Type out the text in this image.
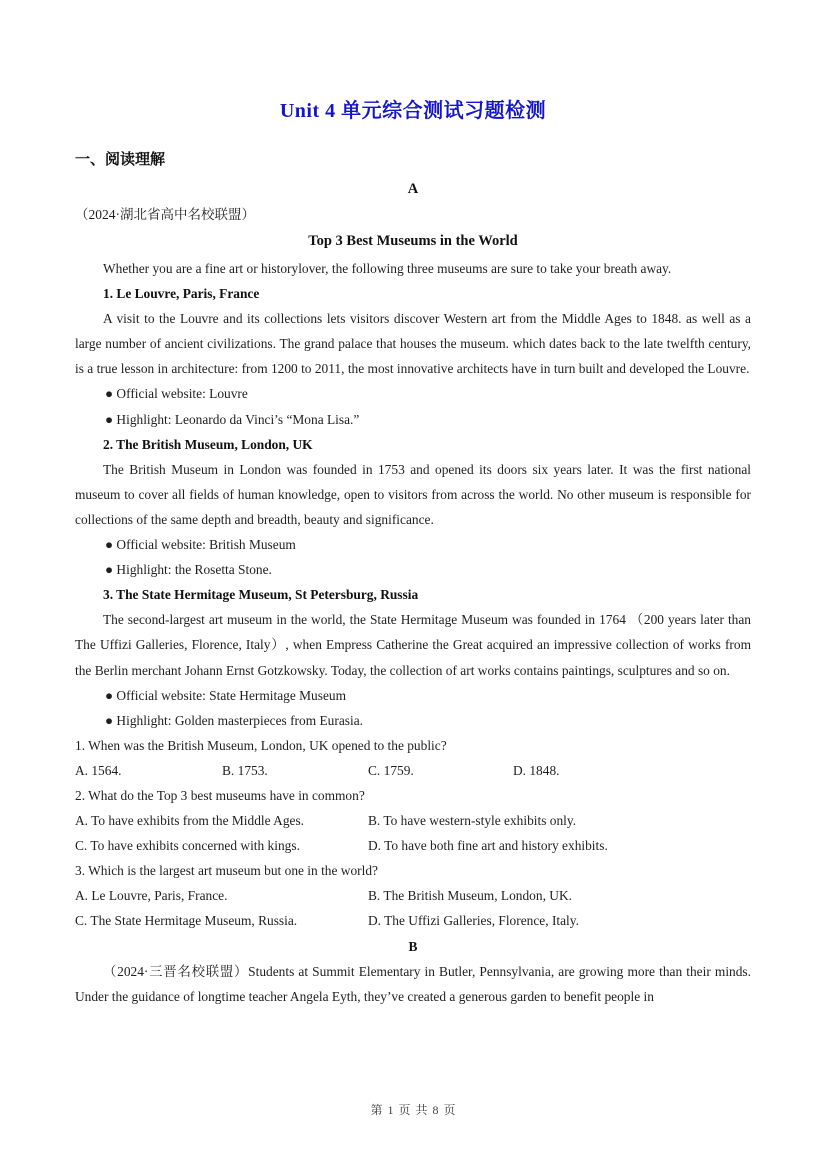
Unit 4 单元综合测试习题检测
一、阅读理解
A
（2024·湖北省高中名校联盟）
Top 3 Best Museums in the World

Whether you are a fine art or historylover, the following three museums are sure to take your breath away.

1. Le Louvre, Paris, France

A visit to the Louvre and its collections lets visitors discover Western art from the Middle Ages to 1848. as well as a large number of ancient civilizations. The grand palace that houses the museum. which dates back to the late twelfth century, is a true lesson in architecture: from 1200 to 2011, the most innovative architects have in turn built and developed the Louvre.

● Official website: Louvre

● Highlight: Leonardo da Vinci’s “Mona Lisa.”

2. The British Museum, London, UK

The British Museum in London was founded in 1753 and opened its doors six years later. It was the first national museum to cover all fields of human knowledge, open to visitors from across the world. No other museum is responsible for collections of the same depth and breadth, beauty and significance.

● Official website: British Museum

● Highlight: the Rosetta Stone.

3. The State Hermitage Museum, St Petersburg, Russia

The second-largest art museum in the world, the State Hermitage Museum was founded in 1764 （200 years later than The Uffizi Galleries, Florence, Italy）, when Empress Catherine the Great acquired an impressive collection of works from the Berlin merchant Johann Ernst Gotzkowsky. Today, the collection of art works contains paintings, sculptures and so on.

● Official website: State Hermitage Museum

● Highlight: Golden masterpieces from Eurasia.

1. When was the British Museum, London, UK opened to the public?

A. 1564.	B. 1753.	C. 1759.	D. 1848.

2. What do the Top 3 best museums have in common?

A. To have exhibits from the Middle Ages.	B. To have western-style exhibits only.
C. To have exhibits concerned with kings.	D. To have both fine art and history exhibits.

3. Which is the largest art museum but one in the world?

A. Le Louvre, Paris, France.	B. The British Museum, London, UK.
C. The State Hermitage Museum, Russia.	D. The Uffizi Galleries, Florence, Italy.
B

（2024·三晋名校联盟）Students at Summit Elementary in Butler, Pennsylvania, are growing more than their minds. Under the guidance of longtime teacher Angela Eyth, they’ve created a generous garden to benefit people in

第 1 页 共 8 页
